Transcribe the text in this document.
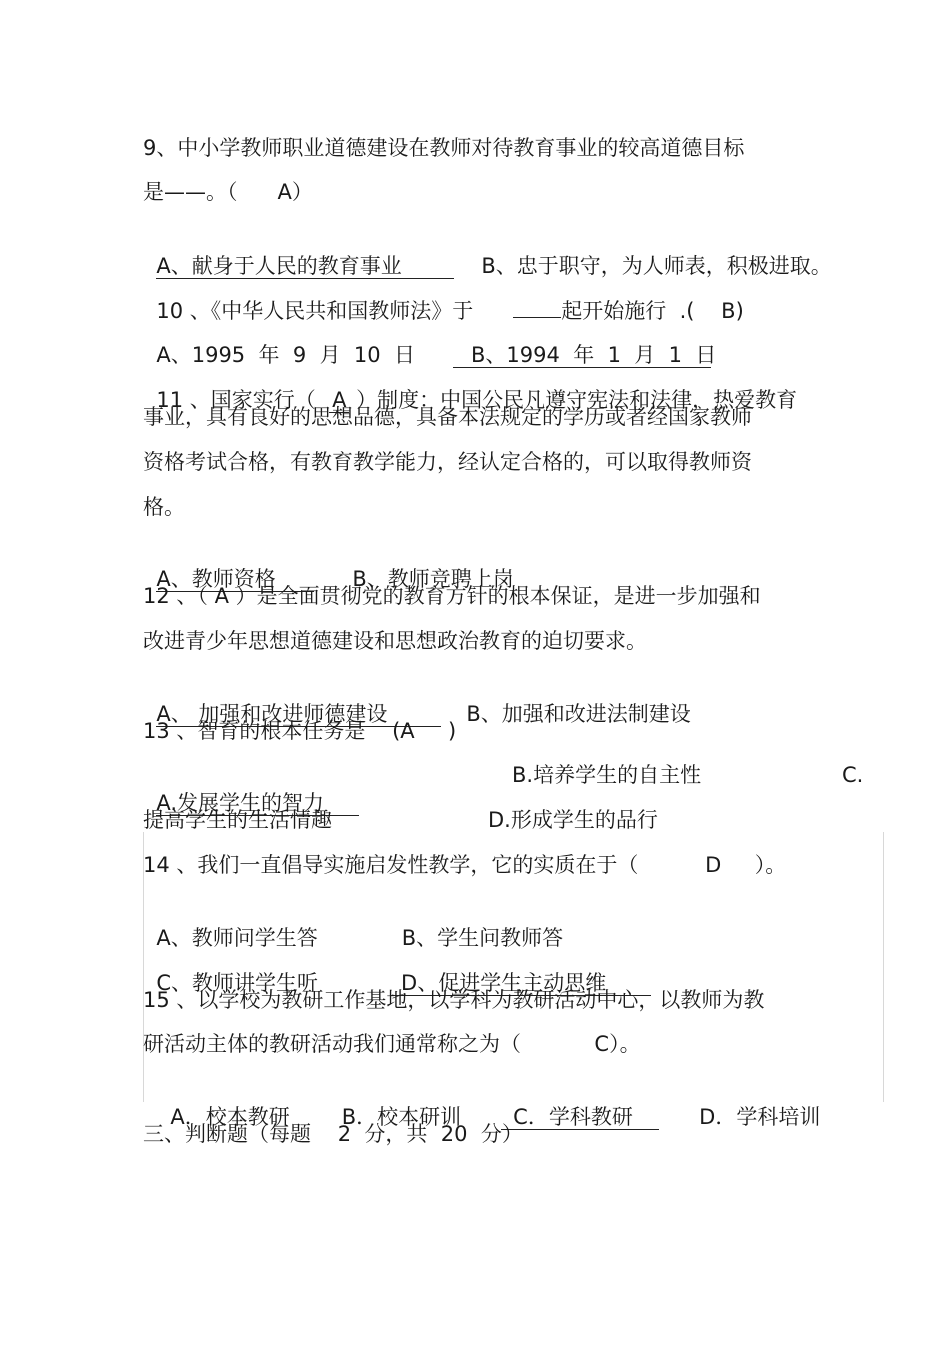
9、中小学教师职业道德建设在教师对待教育事业的较高道德目标
是——。（      A）

A、献身于人民的教育事业	B、忠于职守，为人师表，积极进取。

10 、《中华人民共和国教师法》于	起开始施行  .(    B)

A、1995  年  9  月  10  日	B、1994  年  1  月  1  日

11 、国家实行（  A ）制度：中国公民凡遵守宪法和法律，热爱教育

事业，具有良好的思想品德，具备本法规定的学历或者经国家教师
资格考试合格，有教育教学能力，经认定合格的，可以取得教师资
格。

A、教师资格	B、教师竞聘上岗

12 、（ A ）是全面贯彻党的教育方针的根本保证，是进一步加强和
改进青少年思想道德建设和思想政治教育的迫切要求。

A、 加强和改进师德建设	B、加强和改进法制建设

13 、智育的根本任务是    (A     )

A.发展学生的智力

B.培养学生的自主性	C.
提高学生的生活情趣	D.形成学生的品行
14 、我们一直倡导实施启发性教学，它的实质在于（          D     ）。

A、教师问学生答	B、学生问教师答

C、教师讲学生听	D、促进学生主动思维

15 、以学校为教研工作基地，以学科为教研活动中心，以教师为教
研活动主体的教研活动我们通常称之为（           C）。

A．校本教研 B．校本研训 C．学科教研	D．学科培训

三、判断题（每题    2  分，共  20  分）
